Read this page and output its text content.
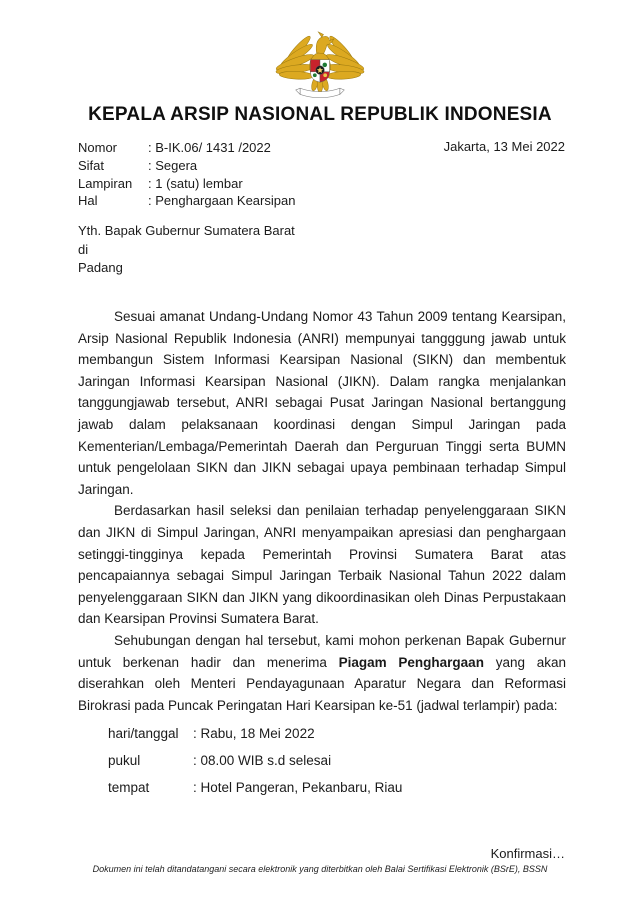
KEPALA ARSIP NASIONAL REPUBLIK INDONESIA
Nomor	: B-IK.06/ 1431 /2022
Sifat	: Segera
Lampiran	: 1 (satu) lembar
Hal	: Penghargaan Kearsipan
Jakarta, 13 Mei 2022
Yth. Bapak Gubernur Sumatera Barat
di
Padang

Sesuai amanat Undang-Undang Nomor 43 Tahun 2009 tentang Kearsipan, Arsip Nasional Republik Indonesia (ANRI) mempunyai tangggung jawab untuk membangun Sistem Informasi Kearsipan Nasional (SIKN) dan membentuk Jaringan Informasi Kearsipan Nasional (JIKN). Dalam rangka menjalankan tanggungjawab tersebut, ANRI sebagai Pusat Jaringan Nasional bertanggung jawab dalam pelaksanaan koordinasi dengan Simpul Jaringan pada Kementerian/Lembaga/Pemerintah Daerah dan Perguruan Tinggi serta BUMN untuk pengelolaan SIKN dan JIKN sebagai upaya pembinaan terhadap Simpul Jaringan.

Berdasarkan hasil seleksi dan penilaian terhadap penyelenggaraan SIKN dan JIKN di Simpul Jaringan, ANRI menyampaikan apresiasi dan penghargaan setinggi-tingginya kepada Pemerintah Provinsi Sumatera Barat atas pencapaiannya sebagai Simpul Jaringan Terbaik Nasional Tahun 2022 dalam penyelenggaraan SIKN dan JIKN yang dikoordinasikan oleh Dinas Perpustakaan dan Kearsipan Provinsi Sumatera Barat.

Sehubungan dengan hal tersebut, kami mohon perkenan Bapak Gubernur untuk berkenan hadir dan menerima Piagam Penghargaan yang akan diserahkan oleh Menteri Pendayagunaan Aparatur Negara dan Reformasi Birokrasi pada Puncak Peringatan Hari Kearsipan ke-51 (jadwal terlampir) pada:

hari/tanggal	: Rabu, 18 Mei 2022
pukul	: 08.00 WIB s.d selesai
tempat	: Hotel Pangeran, Pekanbaru, Riau
Konfirmasi…
Dokumen ini telah ditandatangani secara elektronik yang diterbitkan oleh Balai Sertifikasi Elektronik (BSrE), BSSN
